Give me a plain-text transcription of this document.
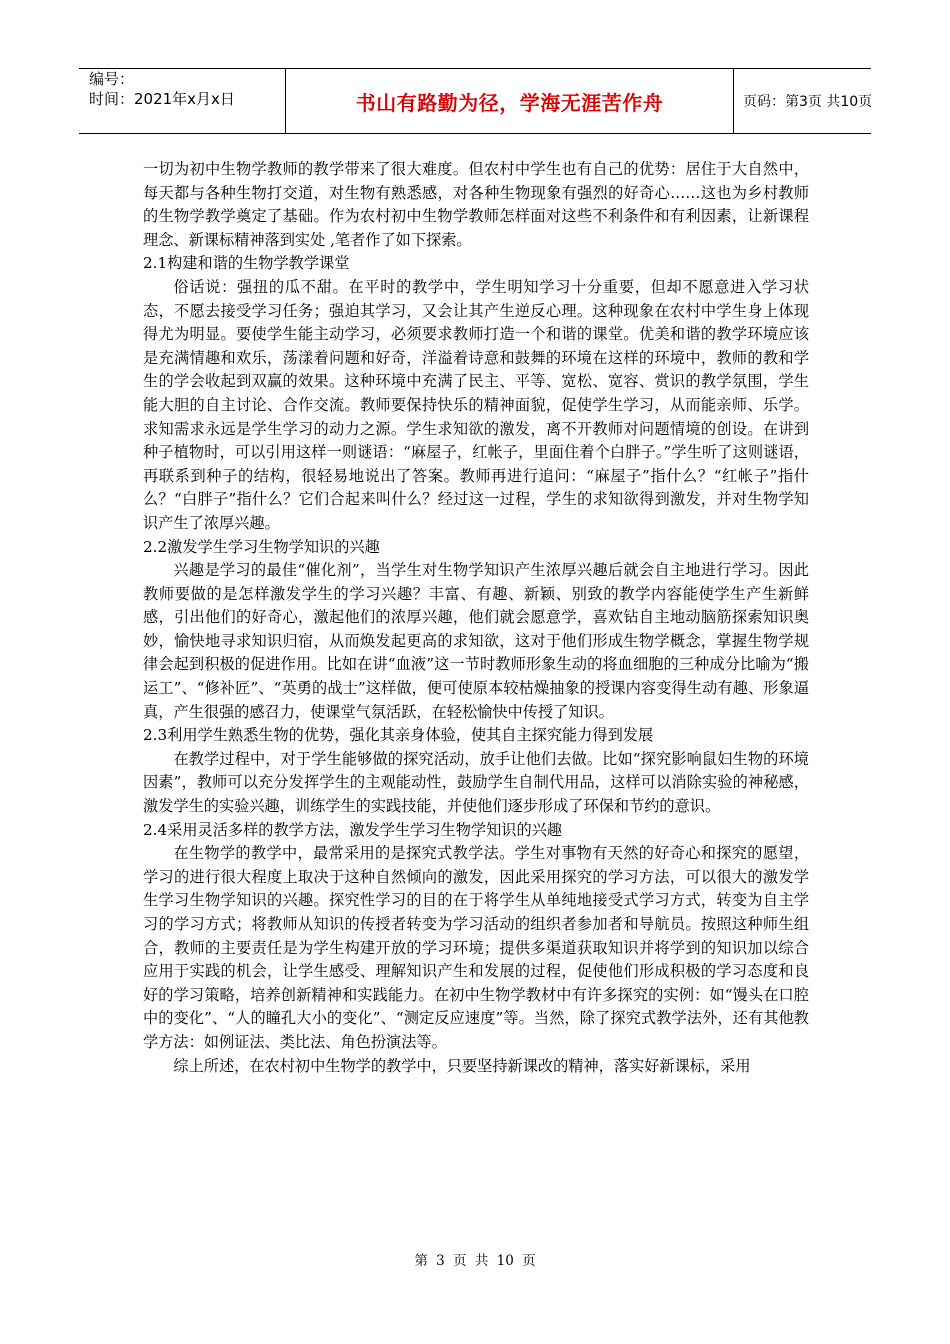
编号：
时间：2021年x月x日	书山有路勤为径，学海无涯苦作舟	页码：第3页 共10页

一切为初中生物学教师的教学带来了很大难度。但农村中学生也有自己的优势：居住于大自然中，每天都与各种生物打交道，对生物有熟悉感，对各种生物现象有强烈的好奇心……这也为乡村教师的生物学教学奠定了基础。作为农村初中生物学教师怎样面对这些不利条件和有利因素，让新课程理念、新课标精神落到实处 ,笔者作了如下探索。

2.1构建和谐的生物学教学课堂

俗话说：强扭的瓜不甜。在平时的教学中，学生明知学习十分重要，但却不愿意进入学习状态，不愿去接受学习任务；强迫其学习，又会让其产生逆反心理。这种现象在农村中学生身上体现得尤为明显。要使学生能主动学习，必须要求教师打造一个和谐的课堂。优美和谐的教学环境应该是充满情趣和欢乐，荡漾着问题和好奇，洋溢着诗意和鼓舞的环境在这样的环境中，教师的教和学生的学会收起到双赢的效果。这种环境中充满了民主、平等、宽松、宽容、赏识的教学氛围，学生能大胆的自主讨论、合作交流。教师要保持快乐的精神面貌，促使学生学习，从而能亲师、乐学。求知需求永远是学生学习的动力之源。学生求知欲的激发，离不开教师对问题情境的创设。在讲到种子植物时，可以引用这样一则谜语：“麻屋子，红帐子，里面住着个白胖子。”学生听了这则谜语，再联系到种子的结构，很轻易地说出了答案。教师再进行追问：“麻屋子”指什么？“红帐子”指什么？“白胖子”指什么？它们合起来叫什么？经过这一过程，学生的求知欲得到激发，并对生物学知识产生了浓厚兴趣。

2.2激发学生学习生物学知识的兴趣

兴趣是学习的最佳“催化剂”，当学生对生物学知识产生浓厚兴趣后就会自主地进行学习。因此教师要做的是怎样激发学生的学习兴趣？丰富、有趣、新颖、别致的教学内容能使学生产生新鲜感，引出他们的好奇心，激起他们的浓厚兴趣，他们就会愿意学，喜欢钻自主地动脑筋探索知识奥妙，愉快地寻求知识归宿，从而焕发起更高的求知欲，这对于他们形成生物学概念，掌握生物学规律会起到积极的促进作用。比如在讲“血液”这一节时教师形象生动的将血细胞的三种成分比喻为“搬运工”、“修补匠”、“英勇的战士”这样做，便可使原本较枯燥抽象的授课内容变得生动有趣、形象逼真，产生很强的感召力，使课堂气氛活跃，在轻松愉快中传授了知识。

2.3利用学生熟悉生物的优势，强化其亲身体验，使其自主探究能力得到发展

在教学过程中，对于学生能够做的探究活动，放手让他们去做。比如“探究影响鼠妇生物的环境因素”，教师可以充分发挥学生的主观能动性，鼓励学生自制代用品，这样可以消除实验的神秘感，激发学生的实验兴趣，训练学生的实践技能，并使他们逐步形成了环保和节约的意识。

2.4采用灵活多样的教学方法，激发学生学习生物学知识的兴趣

在生物学的教学中，最常采用的是探究式教学法。学生对事物有天然的好奇心和探究的愿望，学习的进行很大程度上取决于这种自然倾向的激发，因此采用探究的学习方法，可以很大的激发学生学习生物学知识的兴趣。探究性学习的目的在于将学生从单纯地接受式学习方式，转变为自主学习的学习方式；将教师从知识的传授者转变为学习活动的组织者参加者和导航员。按照这种师生组合，教师的主要责任是为学生构建开放的学习环境；提供多渠道获取知识并将学到的知识加以综合应用于实践的机会，让学生感受、理解知识产生和发展的过程，促使他们形成积极的学习态度和良好的学习策略，培养创新精神和实践能力。在初中生物学教材中有许多探究的实例：如“馒头在口腔中的变化”、“人的瞳孔大小的变化”、“测定反应速度”等。当然，除了探究式教学法外，还有其他教学方法：如例证法、类比法、角色扮演法等。

综上所述，在农村初中生物学的教学中，只要坚持新课改的精神，落实好新课标，采用

第 3 页 共 10 页
